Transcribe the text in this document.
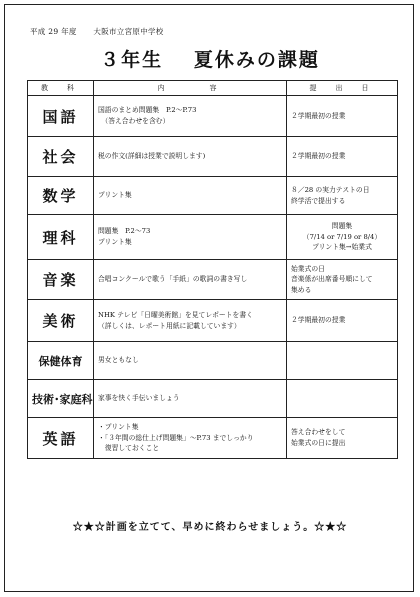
平成 29 年度 大阪市立宮原中学校
３年生 夏休みの課題
教　科	内　　　容	提　出　日
国語	国語のまとめ問題集　P.2～P.73
　（答え合わせを含む）	２学期最初の授業

社会	税の作文(詳細は授業で説明します)	２学期最初の授業

数学	プリント集	８／28 の実力テストの日
終学活で提出する

理科	問題集　P.2～73
プリント集	問題集
（7/14 or 7/19 or 8/4）
プリント集→始業式

音楽	合唱コンクールで歌う「手紙」の歌詞の書き写し	始業式の日
音楽係が出席番号順にして
集める

美術	NHK テレビ「日曜美術館」を見てレポートを書く
（詳しくは、レポート用紙に記載しています）	２学期最初の授業

保健体育	男女ともなし	

技術･家庭科	家事を快く手伝いましょう	

英語	・プリント集
・「３年間の総仕上げ問題集」～P.73 までしっかり
　復習しておくこと	答え合わせをして
始業式の日に提出
☆★☆計画を立てて、早めに終わらせましょう。☆★☆
